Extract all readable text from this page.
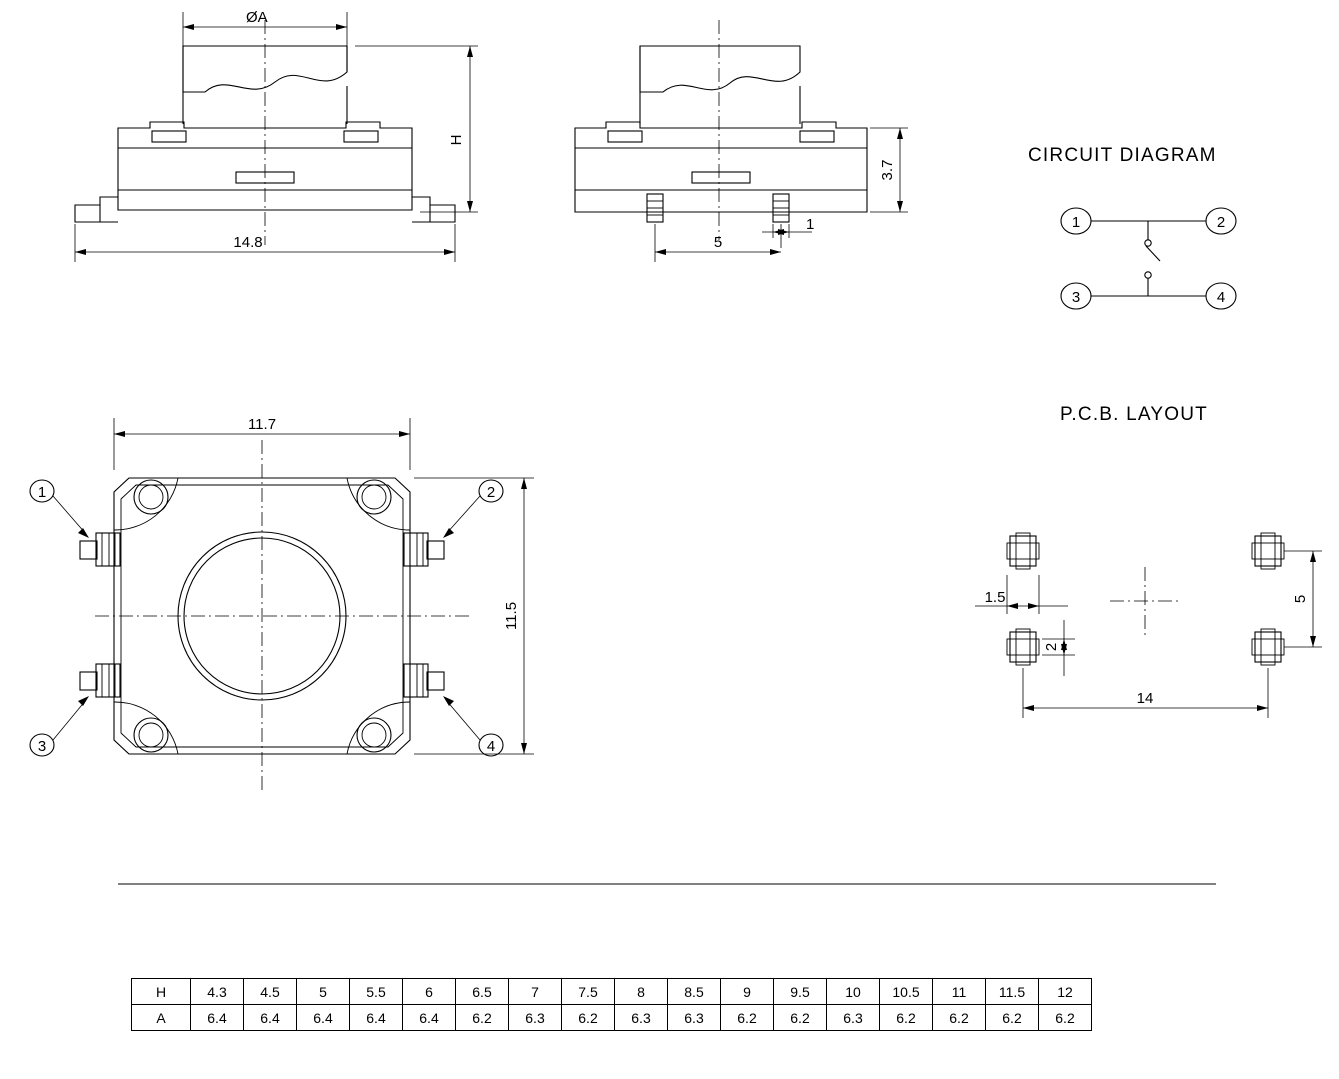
ØA
H
14.8
3.7
5
1
CIRCUIT DIAGRAM
1	2
3	4
1	2
3	4
11.7
11.5
P.C.B. LAYOUT
1.5
2
5
14
H	4.3	4.5	5	5.5	6	6.5	7	7.5	8	8.5	9	9.5	10	10.5	11	11.5	12
A	6.4	6.4	6.4	6.4	6.4	6.2	6.3	6.2	6.3	6.3	6.2	6.2	6.3	6.2	6.2	6.2	6.2
